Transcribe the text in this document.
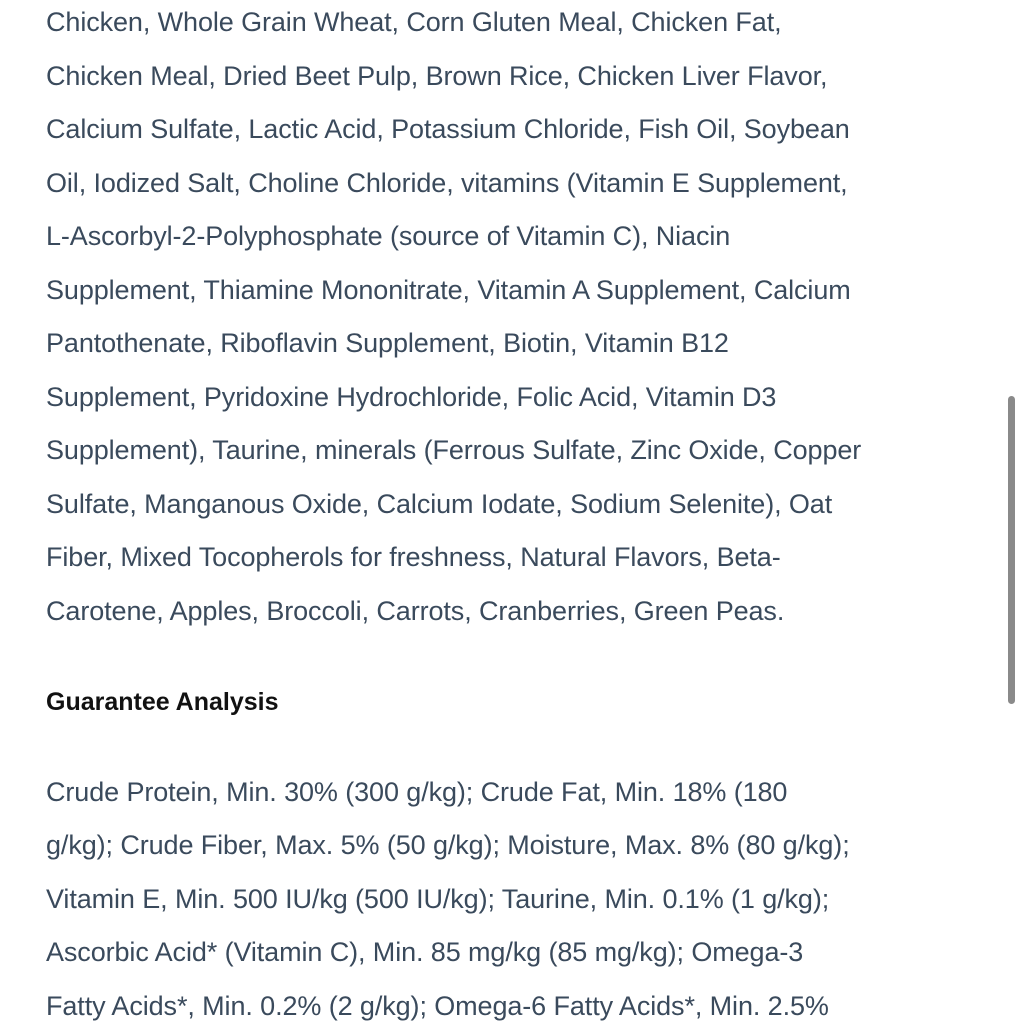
Chicken, Whole Grain Wheat, Corn Gluten Meal, Chicken Fat,
Chicken Meal, Dried Beet Pulp, Brown Rice, Chicken Liver Flavor,
Calcium Sulfate, Lactic Acid, Potassium Chloride, Fish Oil, Soybean
Oil, Iodized Salt, Choline Chloride, vitamins (Vitamin E Supplement,
L-Ascorbyl-2-Polyphosphate (source of Vitamin C), Niacin
Supplement, Thiamine Mononitrate, Vitamin A Supplement, Calcium
Pantothenate, Riboflavin Supplement, Biotin, Vitamin B12
Supplement, Pyridoxine Hydrochloride, Folic Acid, Vitamin D3
Supplement), Taurine, minerals (Ferrous Sulfate, Zinc Oxide, Copper
Sulfate, Manganous Oxide, Calcium Iodate, Sodium Selenite), Oat
Fiber, Mixed Tocopherols for freshness, Natural Flavors, Beta-
Carotene, Apples, Broccoli, Carrots, Cranberries, Green Peas.

Guarantee Analysis

Crude Protein, Min. 30% (300 g/kg); Crude Fat, Min. 18% (180
g/kg); Crude Fiber, Max. 5% (50 g/kg); Moisture, Max. 8% (80 g/kg);
Vitamin E, Min. 500 IU/kg (500 IU/kg); Taurine, Min. 0.1% (1 g/kg);
Ascorbic Acid* (Vitamin C), Min. 85 mg/kg (85 mg/kg); Omega-3
Fatty Acids*, Min. 0.2% (2 g/kg); Omega-6 Fatty Acids*, Min. 2.5%
